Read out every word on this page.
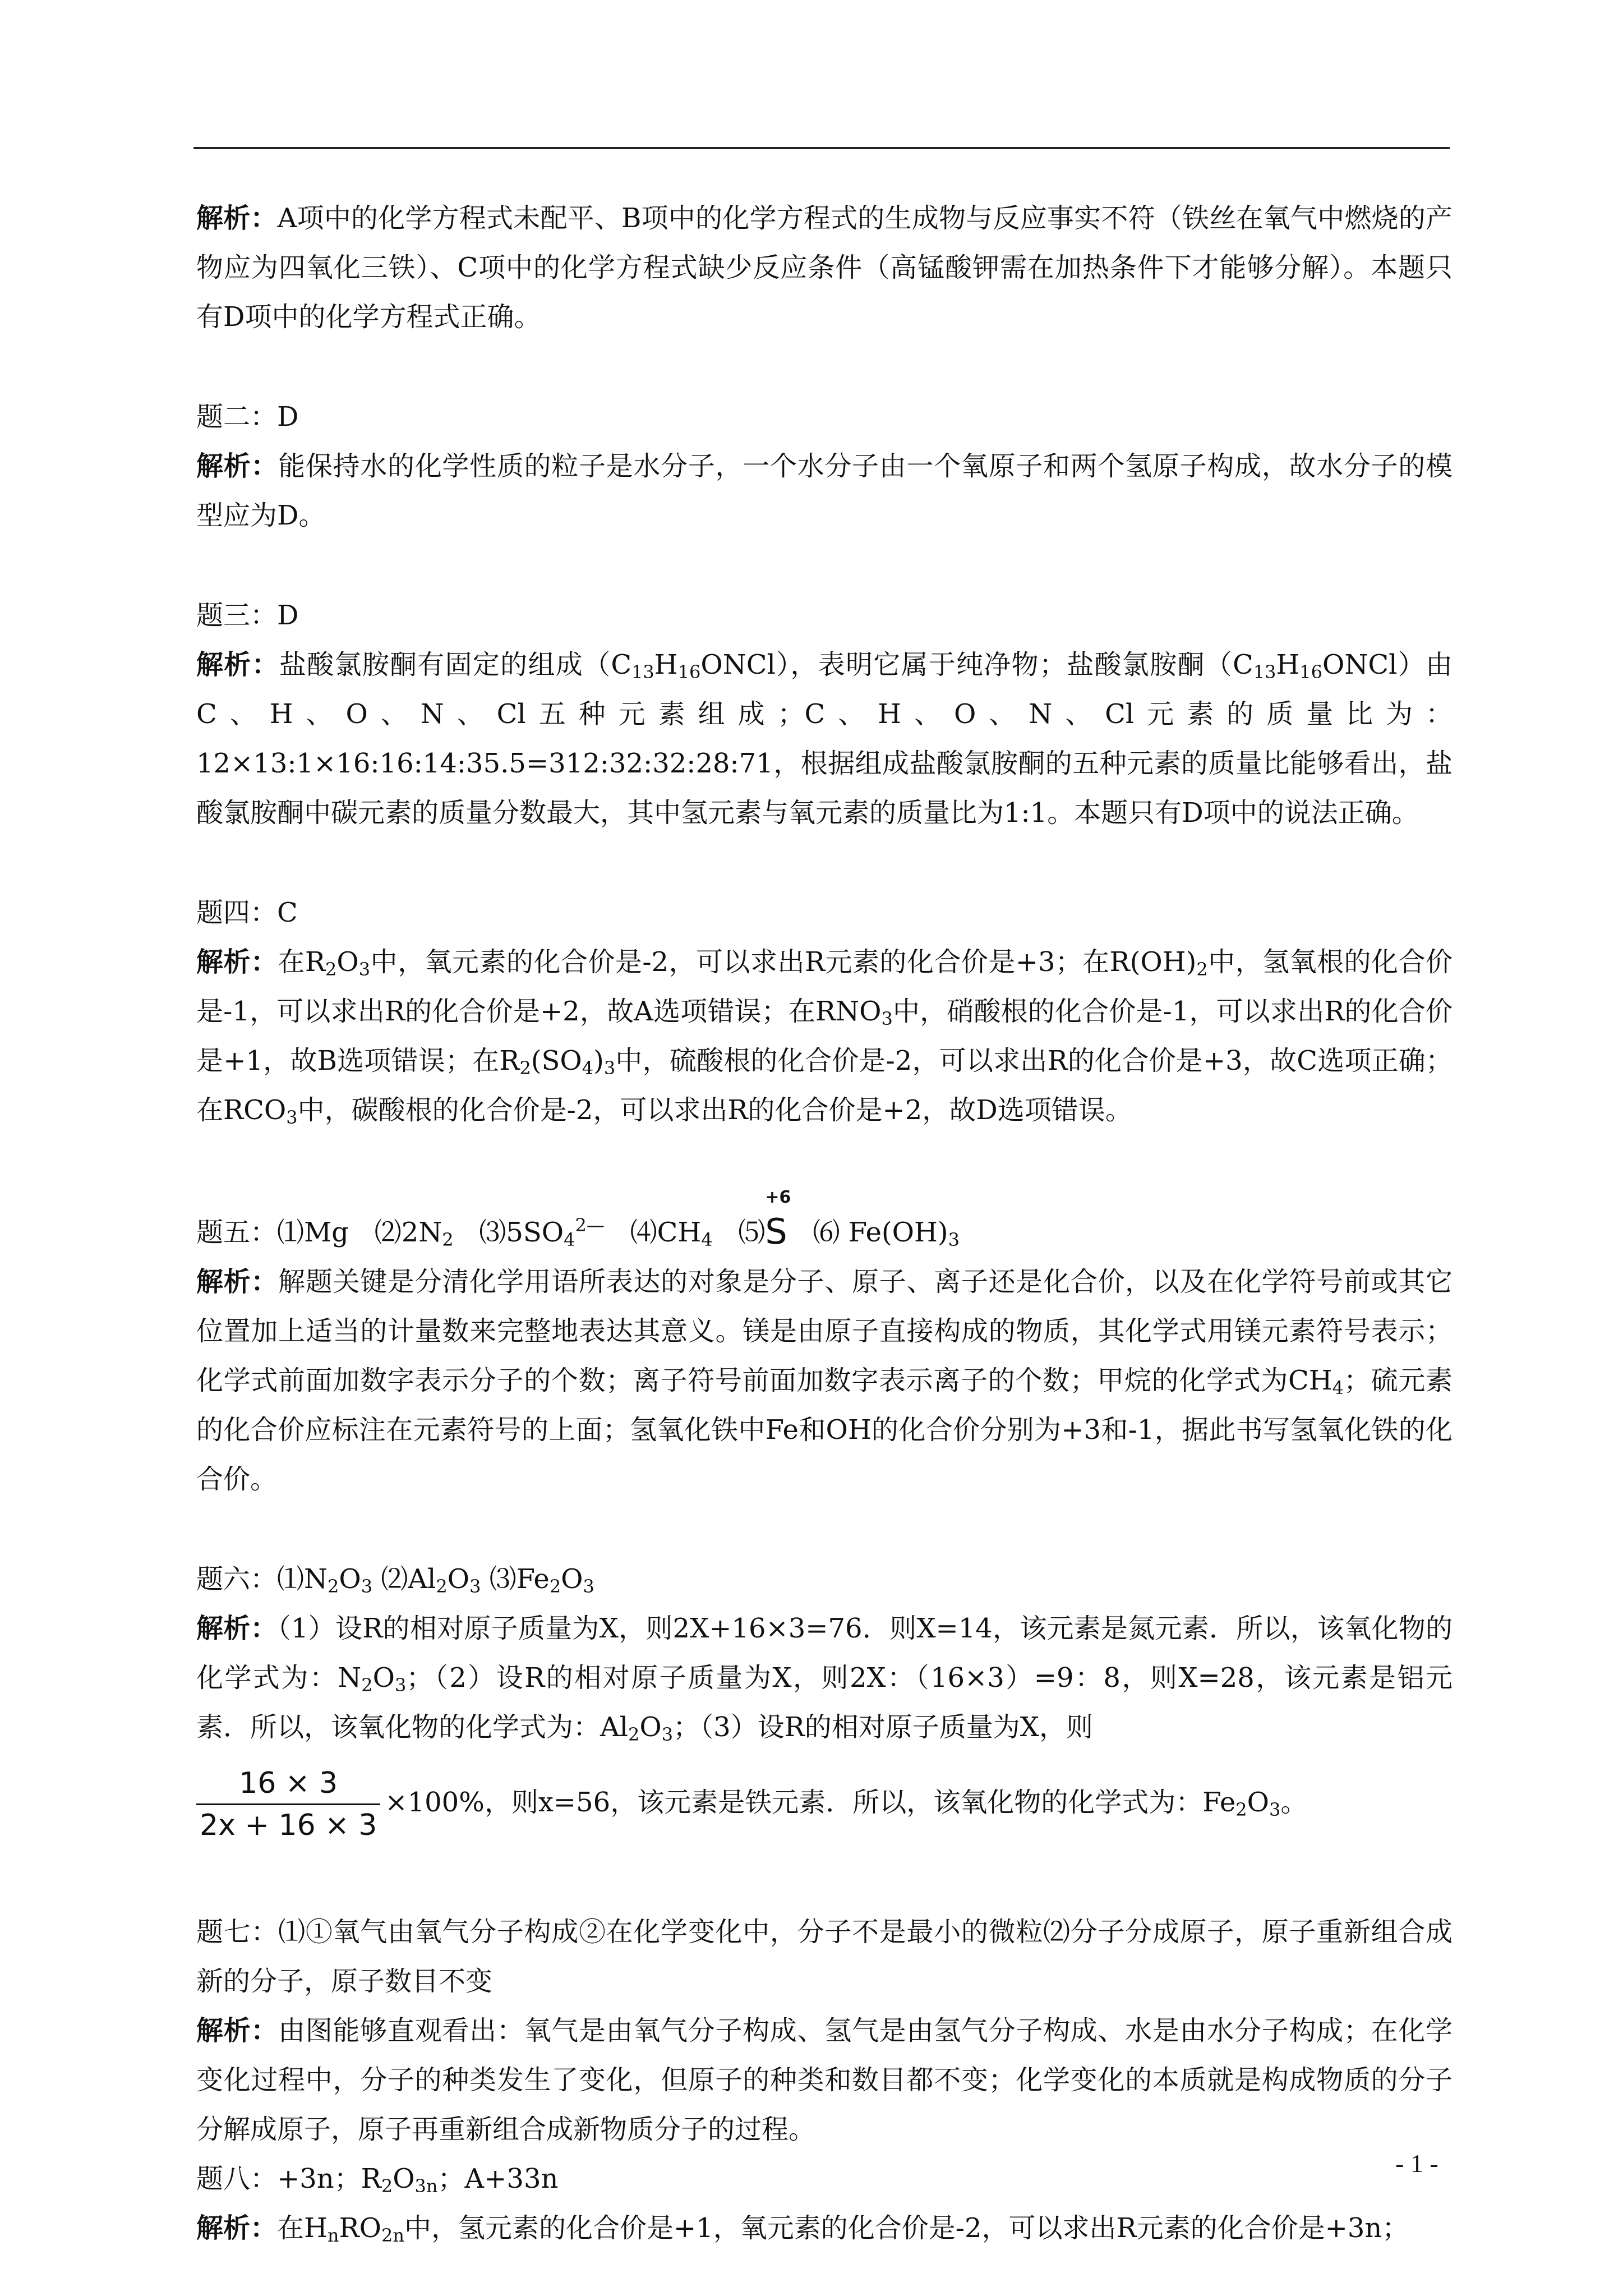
解析：A项中的化学方程式未配平、B项中的化学方程式的生成物与反应事实不符（铁丝在氧气中燃烧的产物应为四氧化三铁）、C项中的化学方程式缺少反应条件（高锰酸钾需在加热条件下才能够分解）。本题只有D项中的化学方程式正确。

题二：D

解析：能保持水的化学性质的粒子是水分子，一个水分子由一个氧原子和两个氢原子构成，故水分子的模型应为D。

题三：D

解析：盐酸氯胺酮有固定的组成$(C_{13}H_{16}ONCl)$，表明它属于纯净物；盐酸氯胺酮$(C_{13}H_{16}ONCl)$由C、H、O、N、Cl五种元素组成；C、H、O、N、Cl元素的质量比为：12×13:1×16:16:14:35.5=312:32:32:28:71，根据组成盐酸氯胺酮的五种元素的质量比能够看出，盐酸氯胺酮中碳元素的质量分数最大，其中氢元素与氧元素的质量比为1:1。本题只有D项中的说法正确。

题四：C

解析：在$R_2O_3$中，氧元素的化合价是-2，可以求出R元素的化合价是+3；在$R(OH)_2$中，氢氧根的化合价是-1，可以求出R的化合价是+2，故A选项错误；在$RNO_3$中，硝酸根的化合价是-1，可以求出R的化合价是+1，故B选项错误；在$R_2(SO_4)_3$中，硫酸根的化合价是-2，可以求出R的化合价是+3，故C选项正确；在$RCO_3$中，碳酸根的化合价是-2，可以求出R的化合价是+2，故D选项错误。

题五：⑴Mg $⑵2N_2$ $⑶5SO_4^{2—}$ $⑷CH_4$ ⑸
+6
S ⑹ $Fe(OH)_3$

解析：解题关键是分清化学用语所表达的对象是分子、原子、离子还是化合价，以及在化学符号前或其它位置加上适当的计量数来完整地表达其意义。镁是由原子直接构成的物质，其化学式用镁元素符号表示；化学式前面加数字表示分子的个数；离子符号前面加数字表示离子的个数；甲烷的化学式为$CH_4$；硫元素的化合价应标注在元素符号的上面；氢氧化铁中Fe和OH的化合价分别为+3和-1，据此书写氢氧化铁的化合价。

题六：$⑴N_2O_3$ $⑵Al_2O_3$ $⑶Fe_2O_3$

解析：（1）设R的相对原子质量为X，则2X+16×3=76．则X=14，该元素是氮元素．所以，该氧化物的化学式为：$N_2O_3$；（2）设R的相对原子质量为X，则2X：（16×3）=9：8，则X=28，该元素是铝元素．所以，该氧化物的化学式为：$Al_2O_3$；（3）设R的相对原子质量为X，则

$\frac{16 \times 3}{2x + 16 \times 3} \times 100\%$，则x=56，该元素是铁元素．所以，该氧化物的化学式为：$Fe_2O_3$。

题七：⑴①氧气由氧气分子构成②在化学变化中，分子不是最小的微粒⑵分子分成原子，原子重新组合成新的分子，原子数目不变

解析：由图能够直观看出：氧气是由氧气分子构成、氢气是由氢气分子构成、水是由水分子构成；在化学变化过程中，分子的种类发生了变化，但原子的种类和数目都不变；化学变化的本质就是构成物质的分子分解成原子，原子再重新组合成新物质分子的过程。

题八：+3n；$R_2O_{3n}$；A+33n

解析：在$H_nRO_{2n}$中，氢元素的化合价是+1，氧元素的化合价是-2，可以求出R元素的化合价是+3n；

- 1 -
